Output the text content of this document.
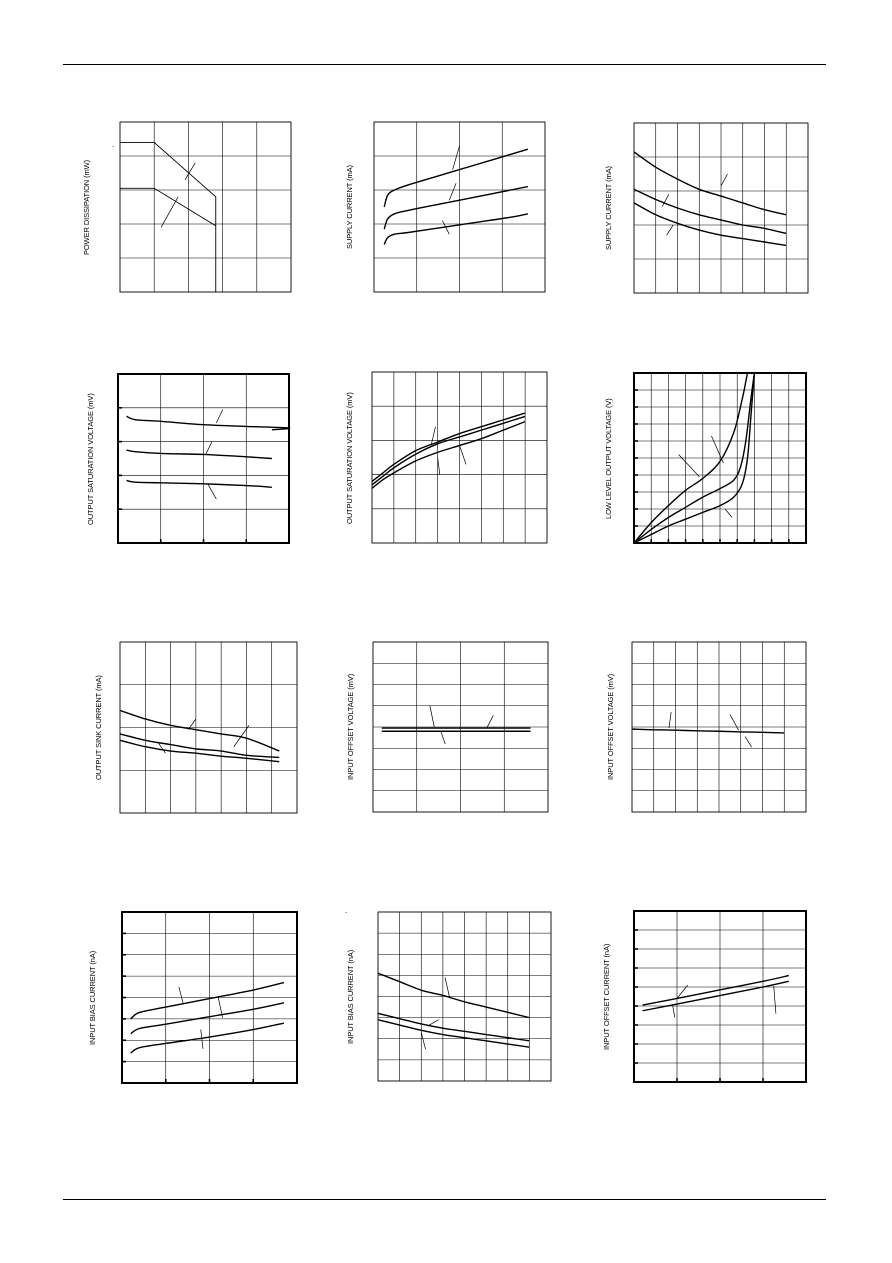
.
.
POWER DISSIPATION (mW)	SUPPLY CURRENT (mA)	SUPPLY CURRENT (mA)
OUTPUT SATURATION VOLTAGE (mV)	OUTPUT SATURATION VOLTAGE (mV)	LOW LEVEL OUTPUT VOLTAGE (V)
OUTPUT SINK CURRENT (mA)	INPUT OFFSET VOLTAGE (mV)	INPUT OFFSET VOLTAGE (mV)
INPUT BIAS CURRENT (nA)	INPUT BIAS CURRENT (nA)	INPUT OFFSET CURRENT (nA)
